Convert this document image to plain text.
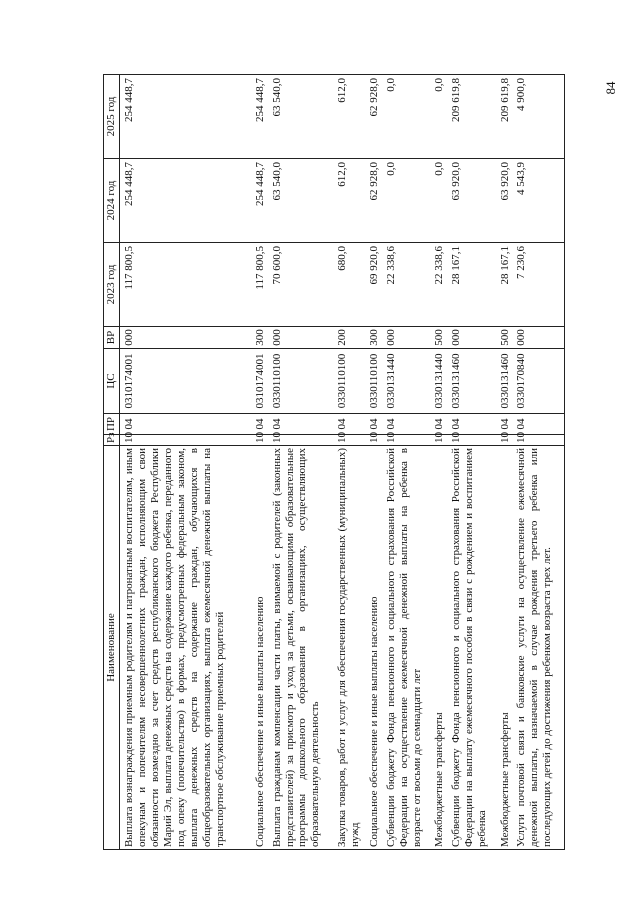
84
Наименование	Рз	ПР	ЦС	ВР	2023 год	2024 год	2025 год
Выплата вознаграждения приемным родителям и патронатным воспитателям, иным опекунам и попечителям несовершеннолетних граждан, исполняющим свои обязанности возмездно за счет средств республиканского бюджета Республики Марий Эл, выплата денежных средств на содержание каждого ребенка, переданного под опеку (попечительство) в формах, предусмотренных федеральным законом, выплата денежных средств на содержание граждан, обучающихся в общеобразовательных организациях, выплата ежемесячной денежной выплаты на транспортное обслуживание приемных родителей	10	04	0310174001	000	117 800,5	254 448,7	254 448,7
Социальное обеспечение и иные выплаты населению	10	04	0310174001	300	117 800,5	254 448,7	254 448,7
Выплата гражданам компенсации части платы, взимаемой с родителей (законных представителей) за присмотр и уход за детьми, осваивающими образовательные программы дошкольного образования в организациях, осуществляющих образовательную деятельность	10	04	0330110100	000	70 600,0	63 540,0	63 540,0
Закупка товаров, работ и услуг для обеспечения государственных (муниципальных) нужд	10	04	0330110100	200	680,0	612,0	612,0
Социальное обеспечение и иные выплаты населению	10	04	0330110100	300	69 920,0	62 928,0	62 928,0
Субвенции бюджету Фонда пенсионного и социального страхования Российской Федерации на осуществление ежемесячной денежной выплаты на ребенка в возрасте от восьми до семнадцати лет	10	04	0330131440	000	22 338,6	0,0	0,0
Межбюджетные трансферты	10	04	0330131440	500	22 338,6	0,0	0,0
Субвенции бюджету Фонда пенсионного и социального страхования Российской Федерации на выплату ежемесячного пособия в связи с рождением и воспитанием ребенка	10	04	0330131460	000	28 167,1	63 920,0	209 619,8
Межбюджетные трансферты	10	04	0330131460	500	28 167,1	63 920,0	209 619,8
Услуги почтовой связи и банковские услуги на осуществление ежемесячной денежной выплаты, назначаемой в случае рождения третьего ребенка или последующих детей до достижения ребенком возраста трех лет.	10	04	0330170840	000	7 230,6	4 543,9	4 900,0
